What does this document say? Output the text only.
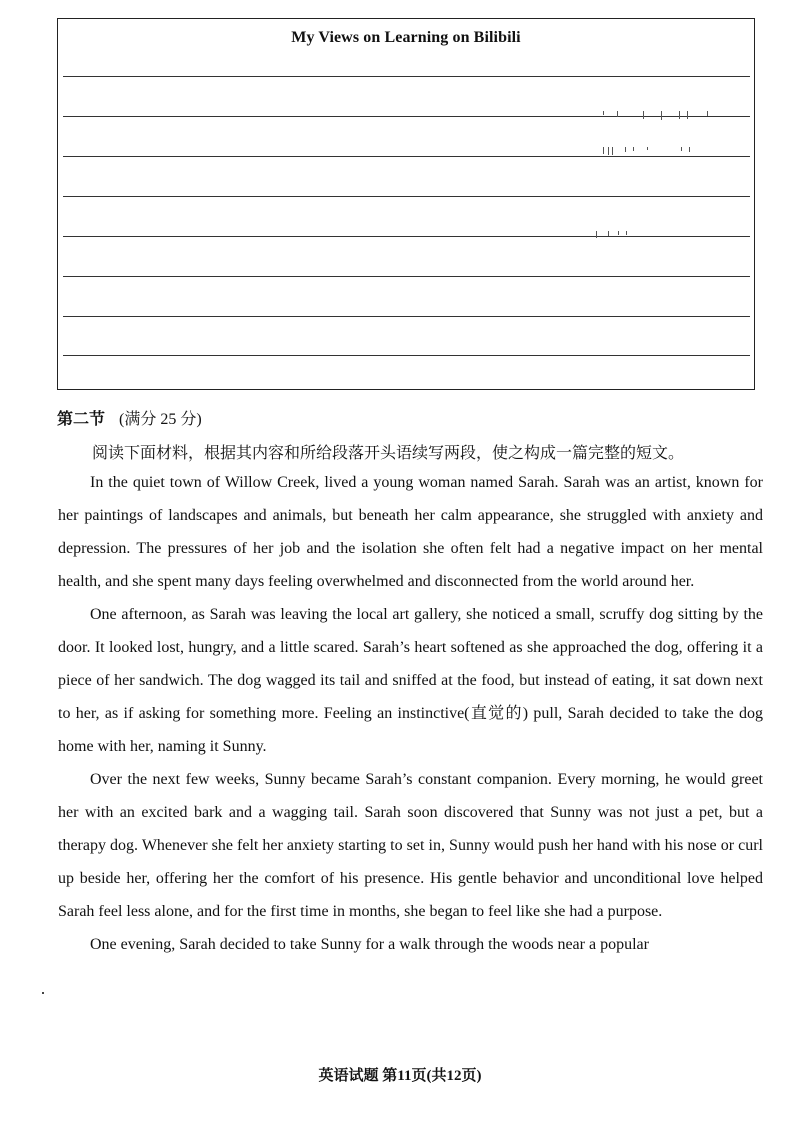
My Views on Learning on Bilibili
第二节 (满分 25 分)
阅读下面材料，根据其内容和所给段落开头语续写两段，使之构成一篇完整的短文。

In the quiet town of Willow Creek, lived a young woman named Sarah. Sarah was an artist, known for her paintings of landscapes and animals, but beneath her calm appearance, she struggled with anxiety and depression. The pressures of her job and the isolation she often felt had a negative impact on her mental health, and she spent many days feeling overwhelmed and disconnected from the world around her.

One afternoon, as Sarah was leaving the local art gallery, she noticed a small, scruffy dog sitting by the door. It looked lost, hungry, and a little scared. Sarah’s heart softened as she approached the dog, offering it a piece of her sandwich. The dog wagged its tail and sniffed at the food, but instead of eating, it sat down next to her, as if asking for something more. Feeling an instinctive(直觉的) pull, Sarah decided to take the dog home with her, naming it Sunny.

Over the next few weeks, Sunny became Sarah’s constant companion. Every morning, he would greet her with an excited bark and a wagging tail. Sarah soon discovered that Sunny was not just a pet, but a therapy dog. Whenever she felt her anxiety starting to set in, Sunny would push her hand with his nose or curl up beside her, offering her the comfort of his presence. His gentle behavior and unconditional love helped Sarah feel less alone, and for the first time in months, she began to feel like she had a purpose.

One evening, Sarah decided to take Sunny for a walk through the woods near a popular

英语试题 第11页(共12页)
